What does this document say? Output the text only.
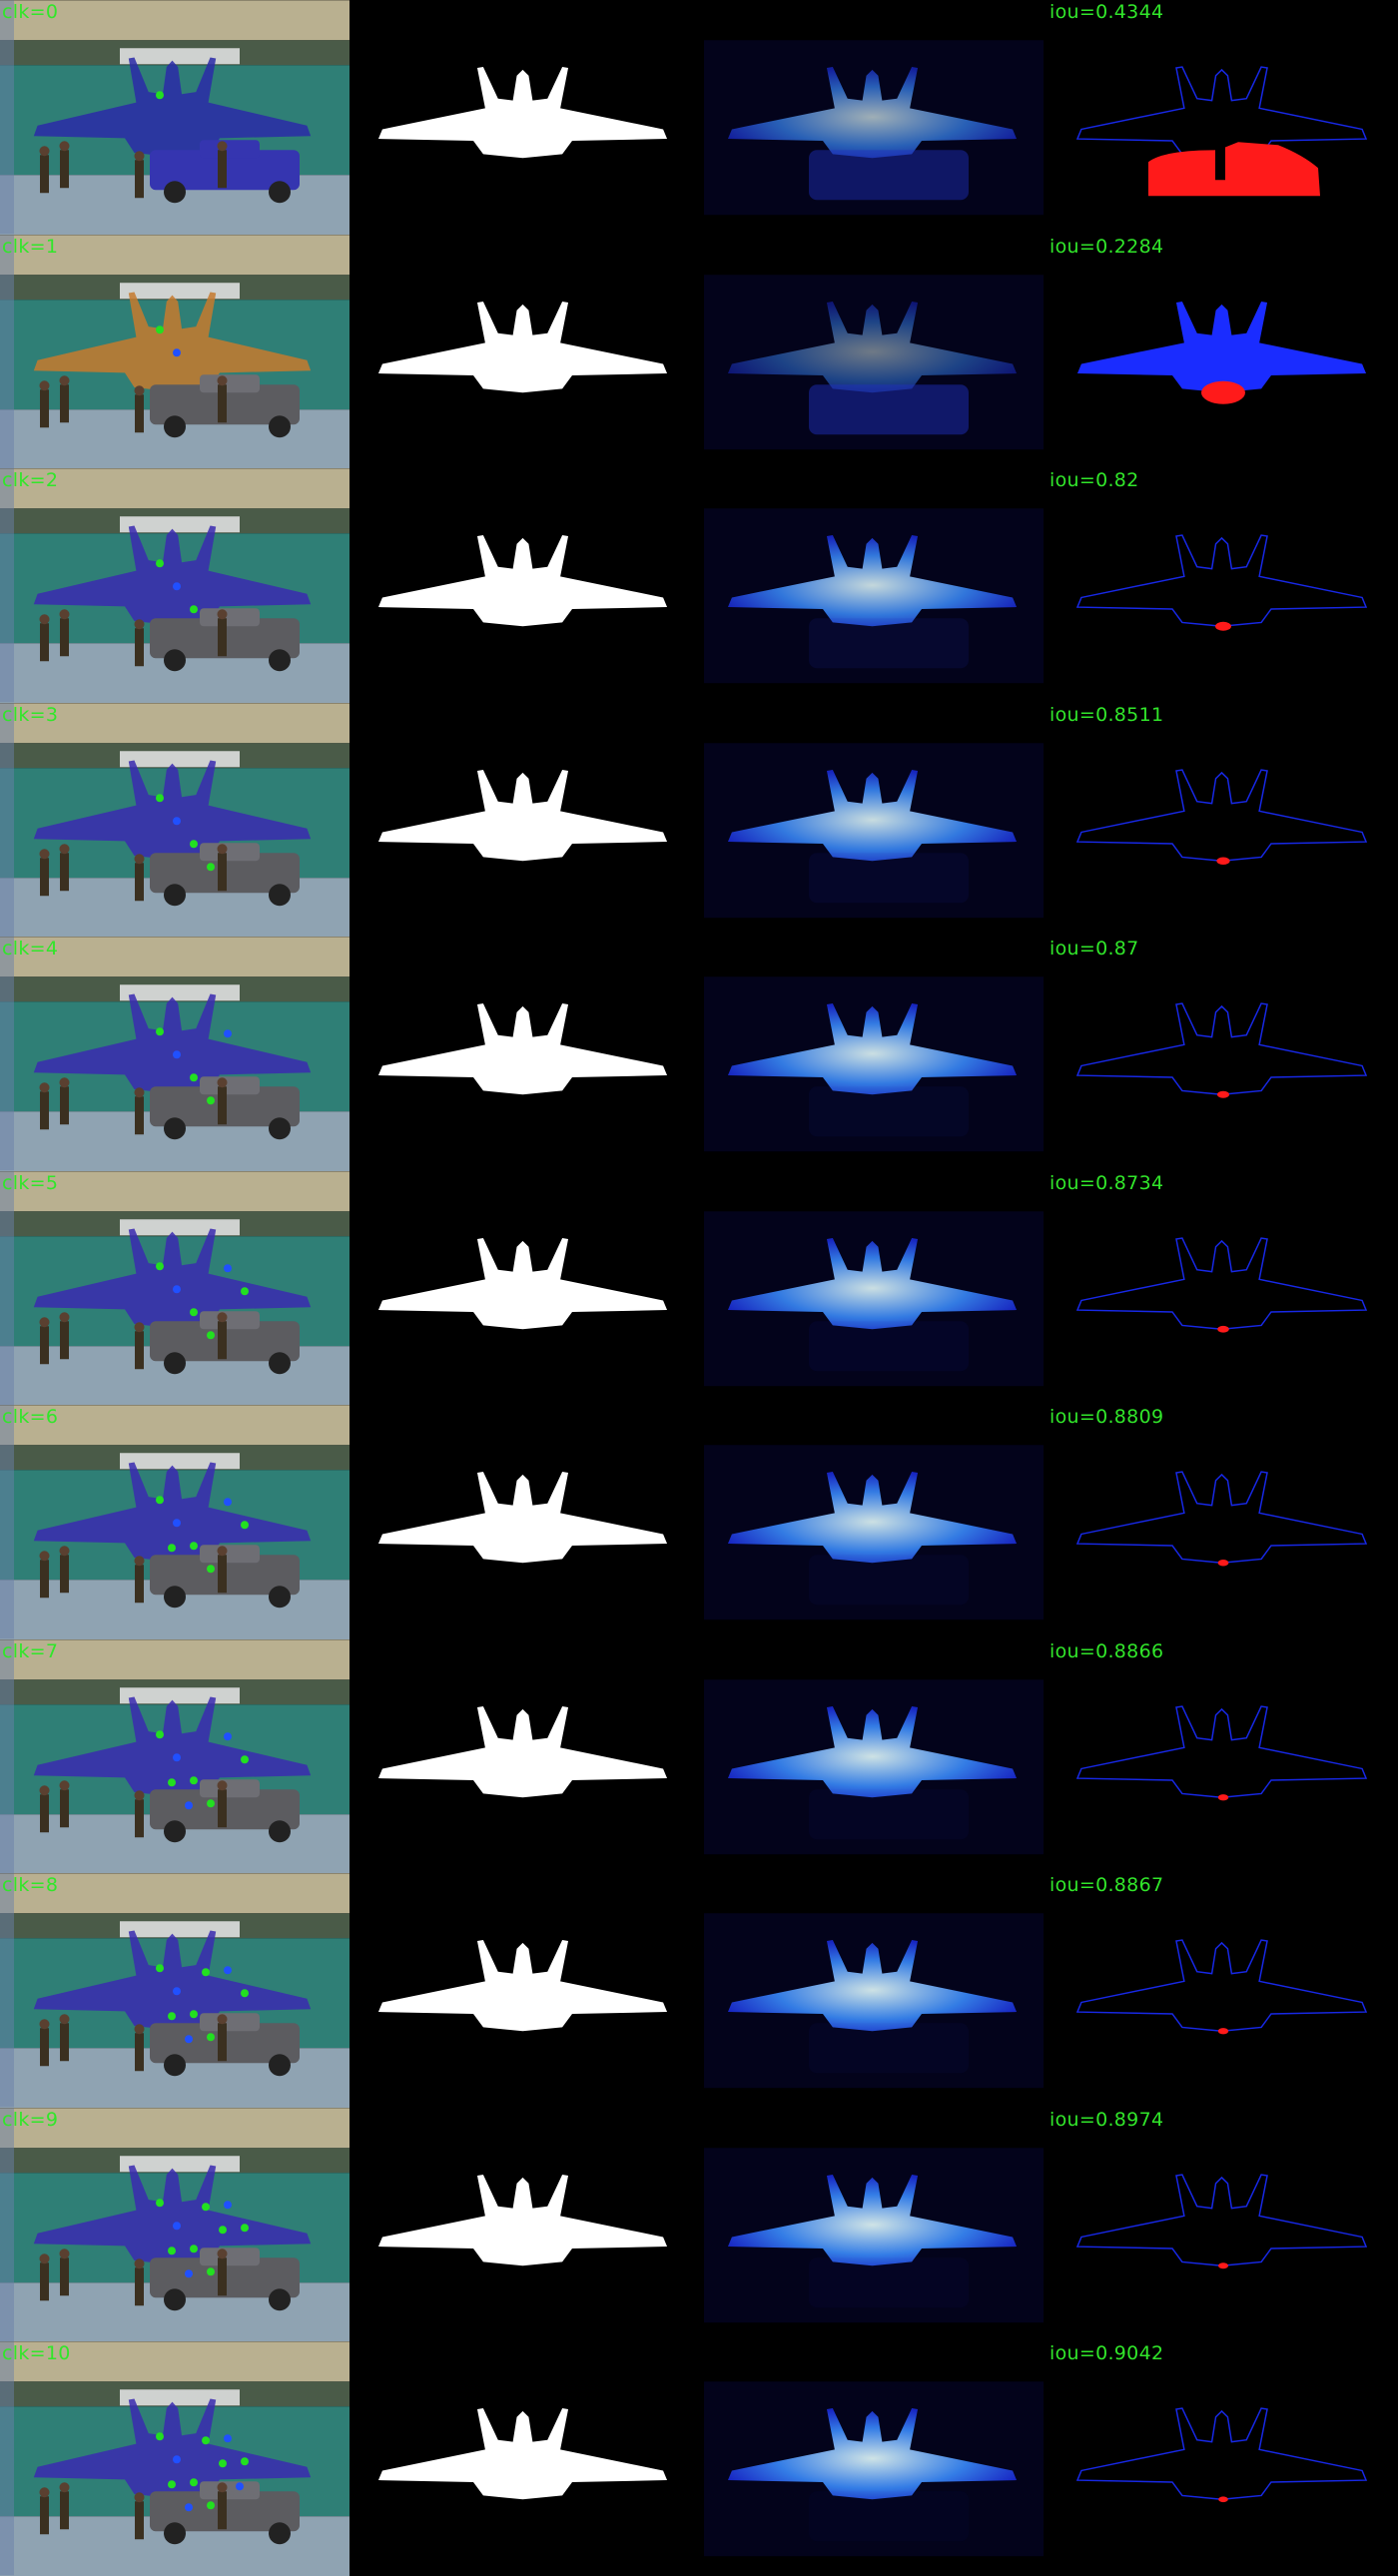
clk=0	iou=0.4344
clk=1	iou=0.2284
clk=2	iou=0.82
clk=3	iou=0.8511
clk=4	iou=0.87
clk=5	iou=0.8734
clk=6	iou=0.8809
clk=7	iou=0.8866
clk=8	iou=0.8867
clk=9	iou=0.8974
clk=10	iou=0.9042
